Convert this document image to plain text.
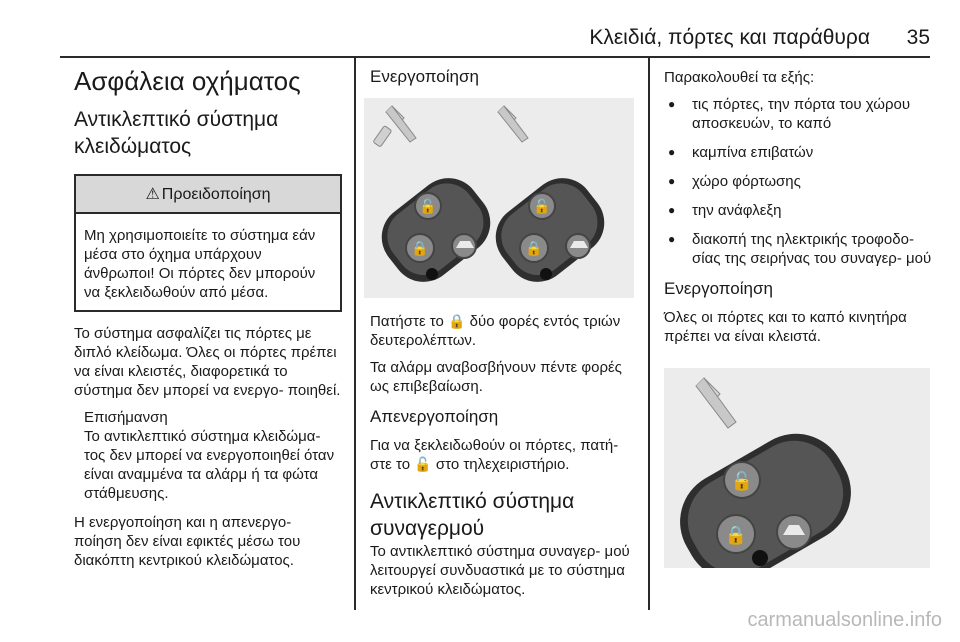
Κλειδιά, πόρτες και παράθυρα 35
Ασφάλεια οχήματος
Αντικλεπτικό σύστημα κλειδώματος
⚠ Προειδοποίηση
Μη χρησιμοποιείτε το σύστημα εάν μέσα στο όχημα υπάρχουν άνθρωποι! Οι πόρτες δεν μπορούν να ξεκλειδωθούν από μέσα.

Το σύστημα ασφαλίζει τις πόρτες με διπλό κλείδωμα. Όλες οι πόρτες πρέπει να είναι κλειστές, διαφορετικά το σύστημα δεν μπορεί να ενεργο- ποιηθεί.

Επισήμανση
Το αντικλεπτικό σύστημα κλειδώμα- τος δεν μπορεί να ενεργοποιηθεί όταν είναι αναμμένα τα αλάρμ ή τα φώτα στάθμευσης.

Η ενεργοποίηση και η απενεργο- ποίηση δεν είναι εφικτές μέσω του διακόπτη κεντρικού κλειδώματος.

Ενεργοποίηση
🔓
🔒
🔓
🔒

Πατήστε το 🔒 δύο φορές εντός τριών δευτερολέπτων.

Τα αλάρμ αναβοσβήνουν πέντε φορές ως επιβεβαίωση.

Απενεργοποίηση

Για να ξεκλειδωθούν οι πόρτες, πατή- στε το 🔓 στο τηλεχειριστήριο.

Αντικλεπτικό σύστημα συναγερμού

Το αντικλεπτικό σύστημα συναγερ- μού λειτουργεί συνδυαστικά με το σύστημα κεντρικού κλειδώματος.

Παρακολουθεί τα εξής:

● τις πόρτες, την πόρτα του χώρου αποσκευών, το καπό
● καμπίνα επιβατών
● χώρο φόρτωσης
● την ανάφλεξη
● διακοπή της ηλεκτρικής τροφοδο- σίας της σειρήνας του συναγερ- μού
Ενεργοποίηση

Όλες οι πόρτες και το καπό κινητήρα πρέπει να είναι κλειστά.

🔓
🔒
carmanualsonline.info
